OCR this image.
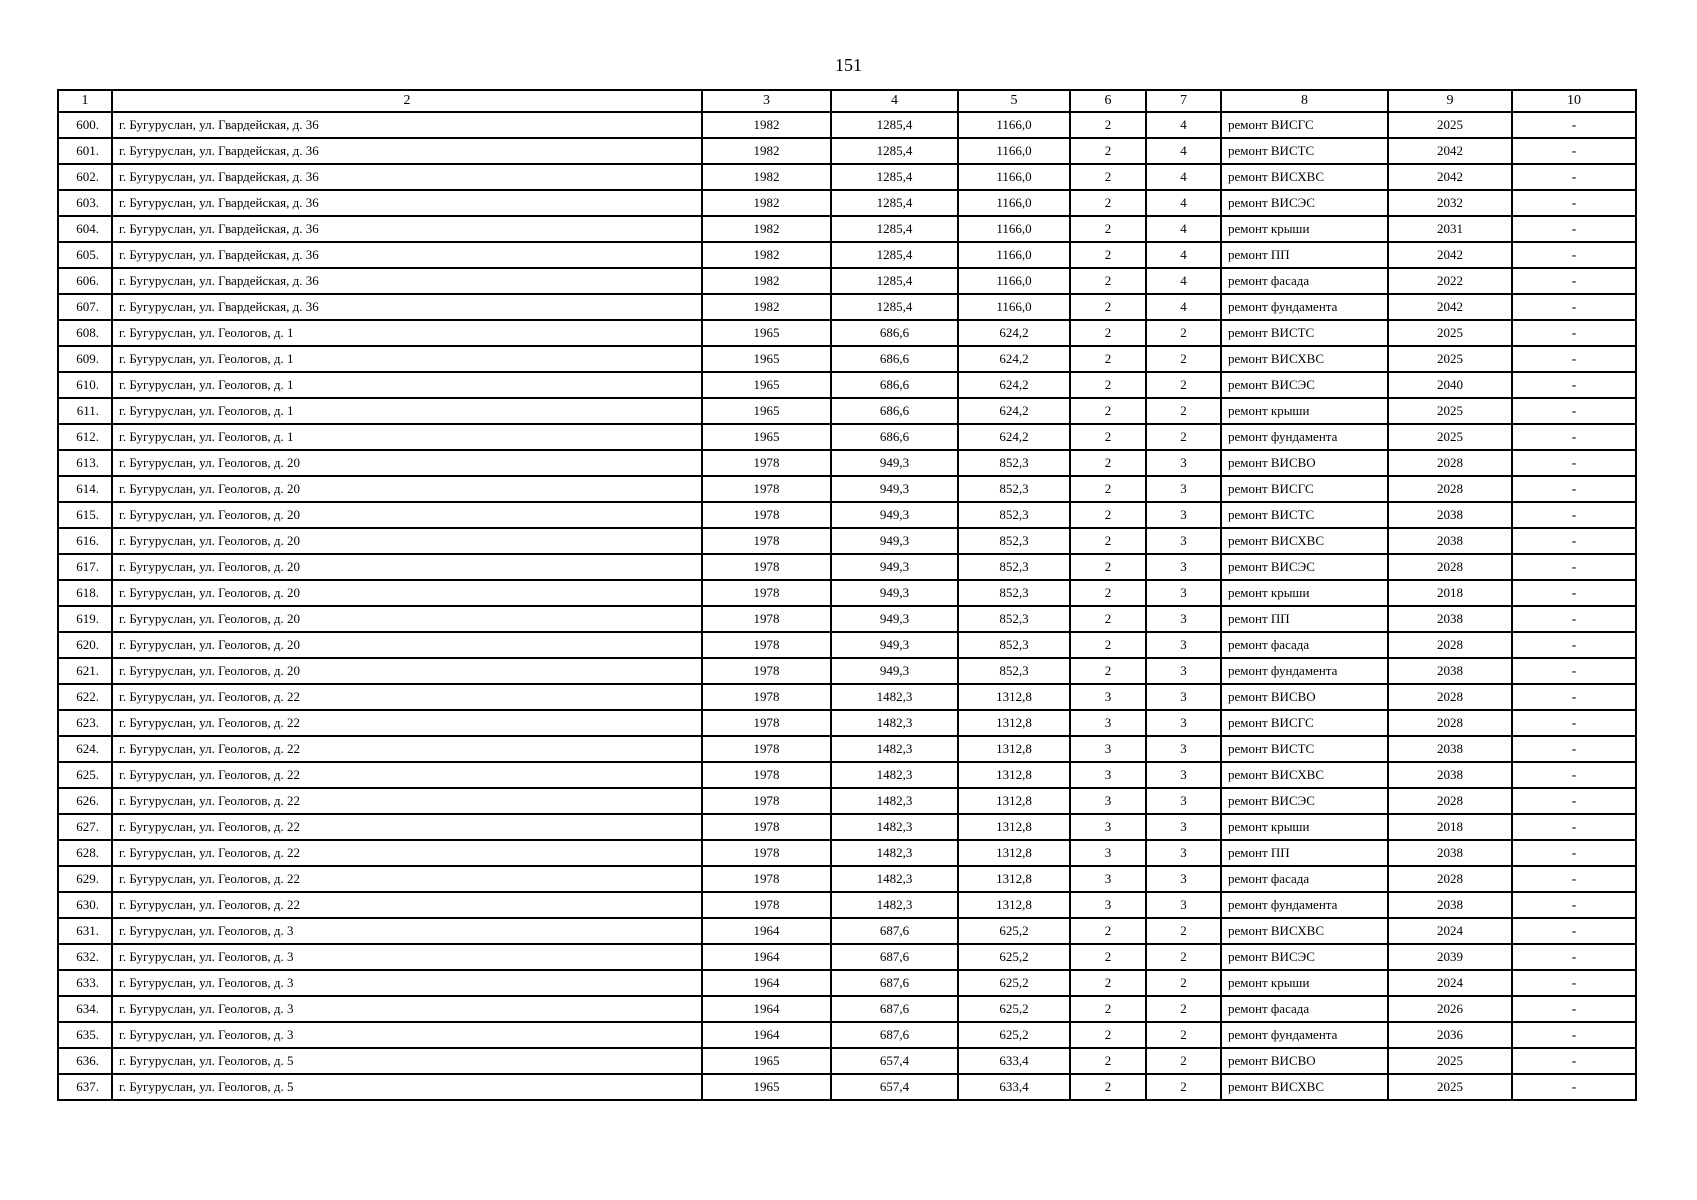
151
1	2	3	4	5	6	7	8	9	10
600.	г. Бугуруслан, ул. Гвардейская, д. 36	1982	1285,4	1166,0	2	4	ремонт ВИСГС	2025	-
601.	г. Бугуруслан, ул. Гвардейская, д. 36	1982	1285,4	1166,0	2	4	ремонт ВИСТС	2042	-
602.	г. Бугуруслан, ул. Гвардейская, д. 36	1982	1285,4	1166,0	2	4	ремонт ВИСХВС	2042	-
603.	г. Бугуруслан, ул. Гвардейская, д. 36	1982	1285,4	1166,0	2	4	ремонт ВИСЭС	2032	-
604.	г. Бугуруслан, ул. Гвардейская, д. 36	1982	1285,4	1166,0	2	4	ремонт крыши	2031	-
605.	г. Бугуруслан, ул. Гвардейская, д. 36	1982	1285,4	1166,0	2	4	ремонт ПП	2042	-
606.	г. Бугуруслан, ул. Гвардейская, д. 36	1982	1285,4	1166,0	2	4	ремонт фасада	2022	-
607.	г. Бугуруслан, ул. Гвардейская, д. 36	1982	1285,4	1166,0	2	4	ремонт фундамента	2042	-
608.	г. Бугуруслан, ул. Геологов, д. 1	1965	686,6	624,2	2	2	ремонт ВИСТС	2025	-
609.	г. Бугуруслан, ул. Геологов, д. 1	1965	686,6	624,2	2	2	ремонт ВИСХВС	2025	-
610.	г. Бугуруслан, ул. Геологов, д. 1	1965	686,6	624,2	2	2	ремонт ВИСЭС	2040	-
611.	г. Бугуруслан, ул. Геологов, д. 1	1965	686,6	624,2	2	2	ремонт крыши	2025	-
612.	г. Бугуруслан, ул. Геологов, д. 1	1965	686,6	624,2	2	2	ремонт фундамента	2025	-
613.	г. Бугуруслан, ул. Геологов, д. 20	1978	949,3	852,3	2	3	ремонт ВИСВО	2028	-
614.	г. Бугуруслан, ул. Геологов, д. 20	1978	949,3	852,3	2	3	ремонт ВИСГС	2028	-
615.	г. Бугуруслан, ул. Геологов, д. 20	1978	949,3	852,3	2	3	ремонт ВИСТС	2038	-
616.	г. Бугуруслан, ул. Геологов, д. 20	1978	949,3	852,3	2	3	ремонт ВИСХВС	2038	-
617.	г. Бугуруслан, ул. Геологов, д. 20	1978	949,3	852,3	2	3	ремонт ВИСЭС	2028	-
618.	г. Бугуруслан, ул. Геологов, д. 20	1978	949,3	852,3	2	3	ремонт крыши	2018	-
619.	г. Бугуруслан, ул. Геологов, д. 20	1978	949,3	852,3	2	3	ремонт ПП	2038	-
620.	г. Бугуруслан, ул. Геологов, д. 20	1978	949,3	852,3	2	3	ремонт фасада	2028	-
621.	г. Бугуруслан, ул. Геологов, д. 20	1978	949,3	852,3	2	3	ремонт фундамента	2038	-
622.	г. Бугуруслан, ул. Геологов, д. 22	1978	1482,3	1312,8	3	3	ремонт ВИСВО	2028	-
623.	г. Бугуруслан, ул. Геологов, д. 22	1978	1482,3	1312,8	3	3	ремонт ВИСГС	2028	-
624.	г. Бугуруслан, ул. Геологов, д. 22	1978	1482,3	1312,8	3	3	ремонт ВИСТС	2038	-
625.	г. Бугуруслан, ул. Геологов, д. 22	1978	1482,3	1312,8	3	3	ремонт ВИСХВС	2038	-
626.	г. Бугуруслан, ул. Геологов, д. 22	1978	1482,3	1312,8	3	3	ремонт ВИСЭС	2028	-
627.	г. Бугуруслан, ул. Геологов, д. 22	1978	1482,3	1312,8	3	3	ремонт крыши	2018	-
628.	г. Бугуруслан, ул. Геологов, д. 22	1978	1482,3	1312,8	3	3	ремонт ПП	2038	-
629.	г. Бугуруслан, ул. Геологов, д. 22	1978	1482,3	1312,8	3	3	ремонт фасада	2028	-
630.	г. Бугуруслан, ул. Геологов, д. 22	1978	1482,3	1312,8	3	3	ремонт фундамента	2038	-
631.	г. Бугуруслан, ул. Геологов, д. 3	1964	687,6	625,2	2	2	ремонт ВИСХВС	2024	-
632.	г. Бугуруслан, ул. Геологов, д. 3	1964	687,6	625,2	2	2	ремонт ВИСЭС	2039	-
633.	г. Бугуруслан, ул. Геологов, д. 3	1964	687,6	625,2	2	2	ремонт крыши	2024	-
634.	г. Бугуруслан, ул. Геологов, д. 3	1964	687,6	625,2	2	2	ремонт фасада	2026	-
635.	г. Бугуруслан, ул. Геологов, д. 3	1964	687,6	625,2	2	2	ремонт фундамента	2036	-
636.	г. Бугуруслан, ул. Геологов, д. 5	1965	657,4	633,4	2	2	ремонт ВИСВО	2025	-
637.	г. Бугуруслан, ул. Геологов, д. 5	1965	657,4	633,4	2	2	ремонт ВИСХВС	2025	-
